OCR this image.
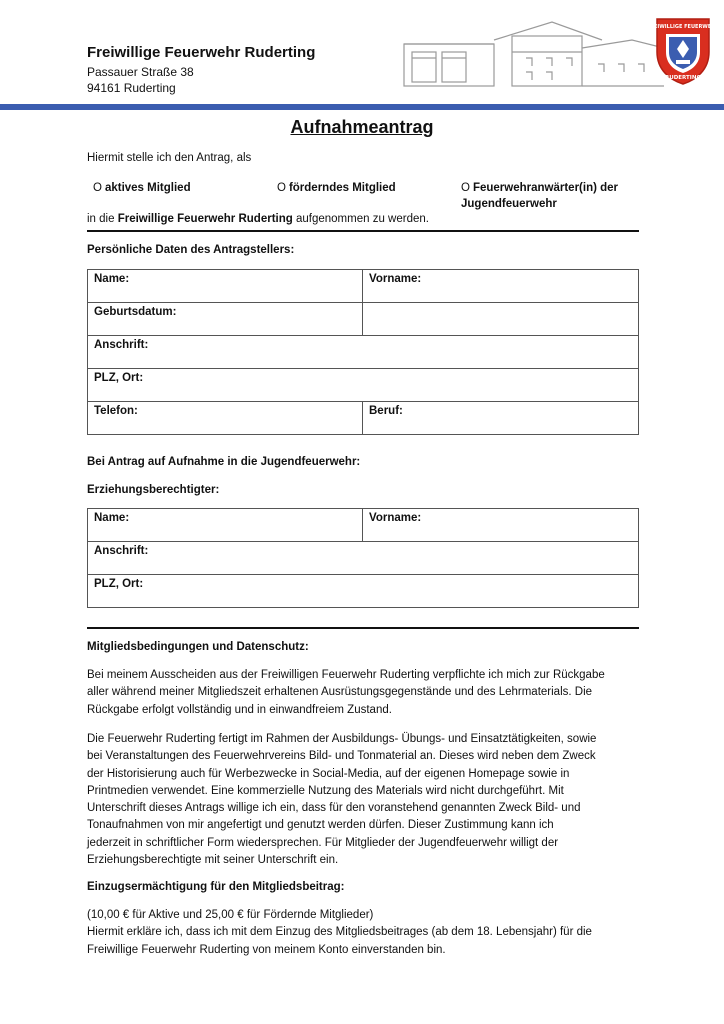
Freiwillige Feuerwehr Ruderting
Passauer Straße 38
94161 Ruderting
FREIWILLIGE FEUERWEHR
RUDERTING
Aufnahmeantrag
Hiermit stelle ich den Antrag, als
O aktives Mitglied	O förderndes Mitglied	O Feuerwehranwärter(in) der
Jugendfeuerwehr
in die Freiwillige Feuerwehr Ruderting aufgenommen zu werden.
Persönliche Daten des Antragstellers:
Name:	Vorname:

Geburtsdatum:	

Anschrift:	

PLZ, Ort:	

Telefon:	Beruf:
Bei Antrag auf Aufnahme in die Jugendfeuerwehr:
Erziehungsberechtigter:
Name:	Vorname:

Anschrift:

PLZ, Ort:
Mitgliedsbedingungen und Datenschutz:
Bei meinem Ausscheiden aus der Freiwilligen Feuerwehr Ruderting verpflichte ich mich zur Rückgabe
aller während meiner Mitgliedszeit erhaltenen Ausrüstungsgegenstände und des Lehrmaterials. Die
Rückgabe erfolgt vollständig und in einwandfreiem Zustand.
Die Feuerwehr Ruderting fertigt im Rahmen der Ausbildungs- Übungs- und Einsatztätigkeiten, sowie
bei Veranstaltungen des Feuerwehrvereins Bild- und Tonmaterial an. Dieses wird neben dem Zweck
der Historisierung auch für Werbezwecke in Social-Media, auf der eigenen Homepage sowie in
Printmedien verwendet. Eine kommerzielle Nutzung des Materials wird nicht durchgeführt. Mit
Unterschrift dieses Antrags willige ich ein, dass für den voranstehend genannten Zweck Bild- und
Tonaufnahmen von mir angefertigt und genutzt werden dürfen. Dieser Zustimmung kann ich
jederzeit in schriftlicher Form wiedersprechen. Für Mitglieder der Jugendfeuerwehr willigt der
Erziehungsberechtigte mit seiner Unterschrift ein.
Einzugsermächtigung für den Mitgliedsbeitrag:
(10,00 € für Aktive und 25,00 € für Fördernde Mitglieder)
Hiermit erkläre ich, dass ich mit dem Einzug des Mitgliedsbeitrages (ab dem 18. Lebensjahr) für die
Freiwillige Feuerwehr Ruderting von meinem Konto einverstanden bin.
